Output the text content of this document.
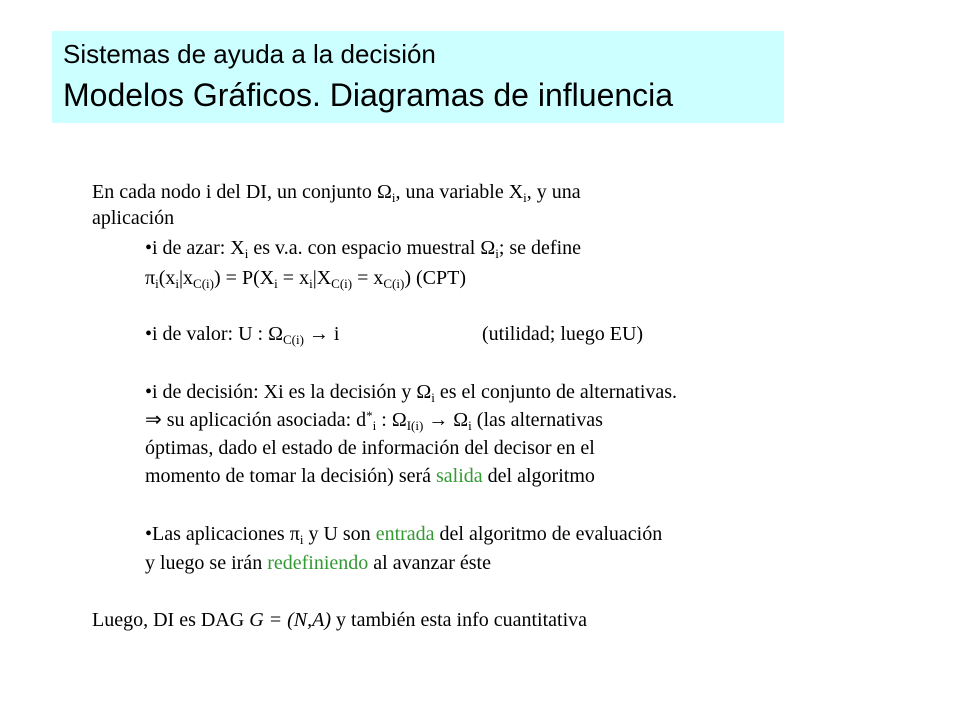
Sistemas de ayuda a la decisión
Modelos Gráficos. Diagramas de influencia
En cada nodo i del DI, un conjunto $\Omega_i$, una variable $X_i$, y una
aplicación
•i de azar: $X_i$ es v.a. con espacio muestral $\Omega_i$; se define
$\pi_i(x_i|x_{C(i)}) = P(X_i = x_i|X_{C(i)} = x_{C(i)})$ (CPT)
•i de valor: U : $\Omega_{C(i)} \to i$	(utilidad; luego EU)
•i de decisión: Xi es la decisión y $\Omega_i$ es el conjunto de alternativas.
⇒ su aplicación asociada: $d^*_i$ : $\Omega_{I(i)} \to \Omega_i$ (las alternativas
óptimas, dado el estado de información del decisor en el
momento de tomar la decisión) será salida del algoritmo
•Las aplicaciones $\pi_i$ y U son entrada del algoritmo de evaluación
y luego se irán redefiniendo al avanzar éste
Luego, DI es DAG G = (N,A) y también esta info cuantitativa
